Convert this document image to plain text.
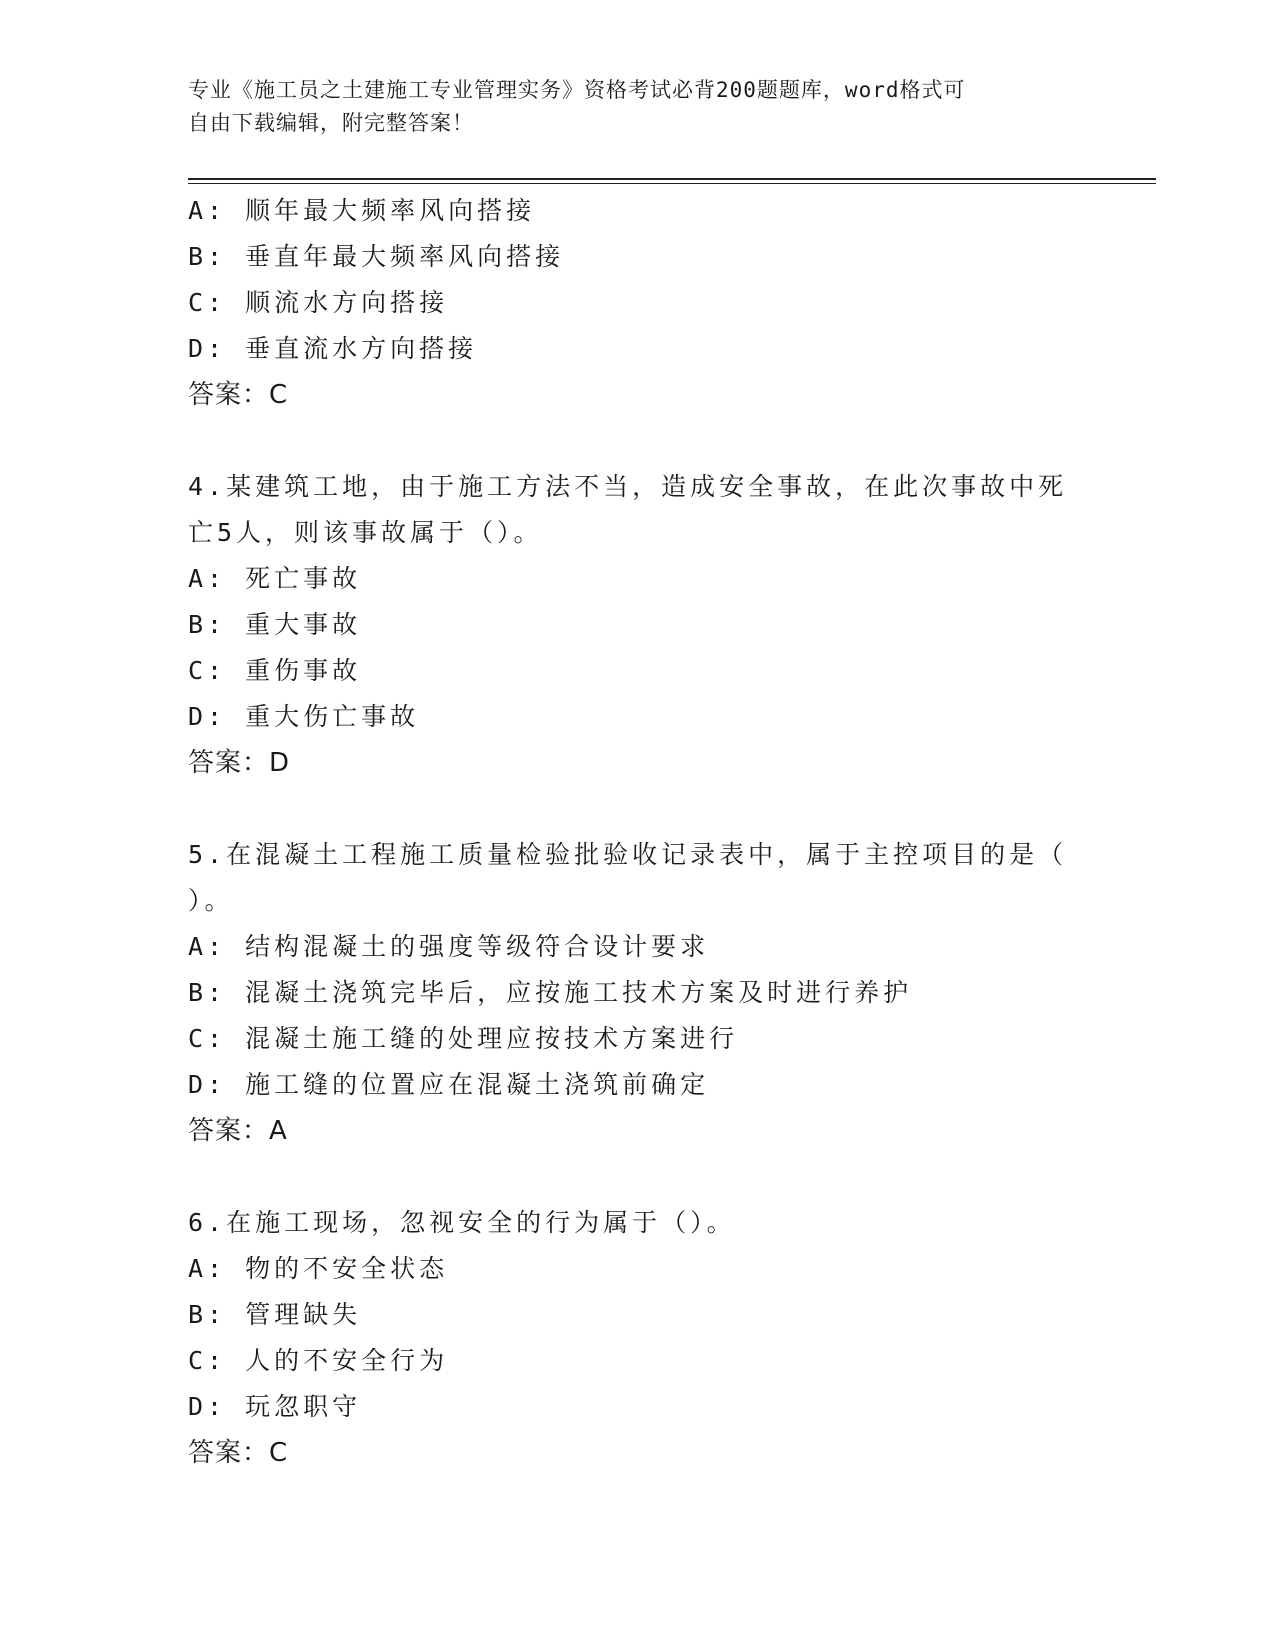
专业《施工员之土建施工专业管理实务》资格考试必背200题题库，word格式可
自由下载编辑，附完整答案！
A: 顺年最大频率风向搭接
B: 垂直年最大频率风向搭接
C: 顺流水方向搭接
D: 垂直流水方向搭接
答案：C
4.某建筑工地，由于施工方法不当，造成安全事故，在此次事故中死
亡5人，则该事故属于（）。
A: 死亡事故
B: 重大事故
C: 重伤事故
D: 重大伤亡事故
答案：D
5.在混凝土工程施工质量检验批验收记录表中，属于主控项目的是（
）。
A: 结构混凝土的强度等级符合设计要求
B: 混凝土浇筑完毕后，应按施工技术方案及时进行养护
C: 混凝土施工缝的处理应按技术方案进行
D: 施工缝的位置应在混凝土浇筑前确定
答案：A
6.在施工现场，忽视安全的行为属于（）。
A: 物的不安全状态
B: 管理缺失
C: 人的不安全行为
D: 玩忽职守
答案：C
